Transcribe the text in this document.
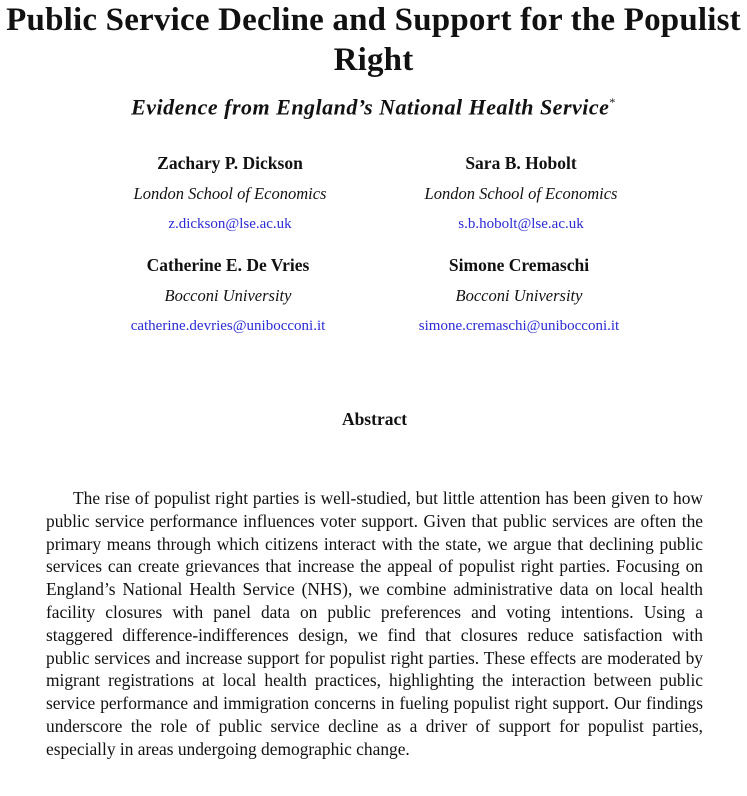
Public Service Decline and Support for the Populist Right
Evidence from England’s National Health Service*
Zachary P. Dickson
London School of Economics
z.dickson@lse.ac.uk
Sara B. Hobolt
London School of Economics
s.b.hobolt@lse.ac.uk
Catherine E. De Vries
Bocconi University
catherine.devries@unibocconi.it
Simone Cremaschi
Bocconi University
simone.cremaschi@unibocconi.it
Abstract
The rise of populist right parties is well-studied, but little attention has been given to how public service performance influences voter support. Given that public services are often the primary means through which citizens interact with the state, we argue that declining public services can create grievances that increase the appeal of populist right parties. Focusing on England’s National Health Service (NHS), we combine administrative data on local health facility closures with panel data on public preferences and voting intentions. Using a staggered difference-indifferences design, we find that closures reduce satisfaction with public services and increase support for populist right parties. These effects are moderated by migrant registrations at local health practices, highlighting the interaction between public service performance and immigration concerns in fueling populist right support. Our findings underscore the role of public service decline as a driver of support for populist parties, especially in areas undergoing demographic change.
